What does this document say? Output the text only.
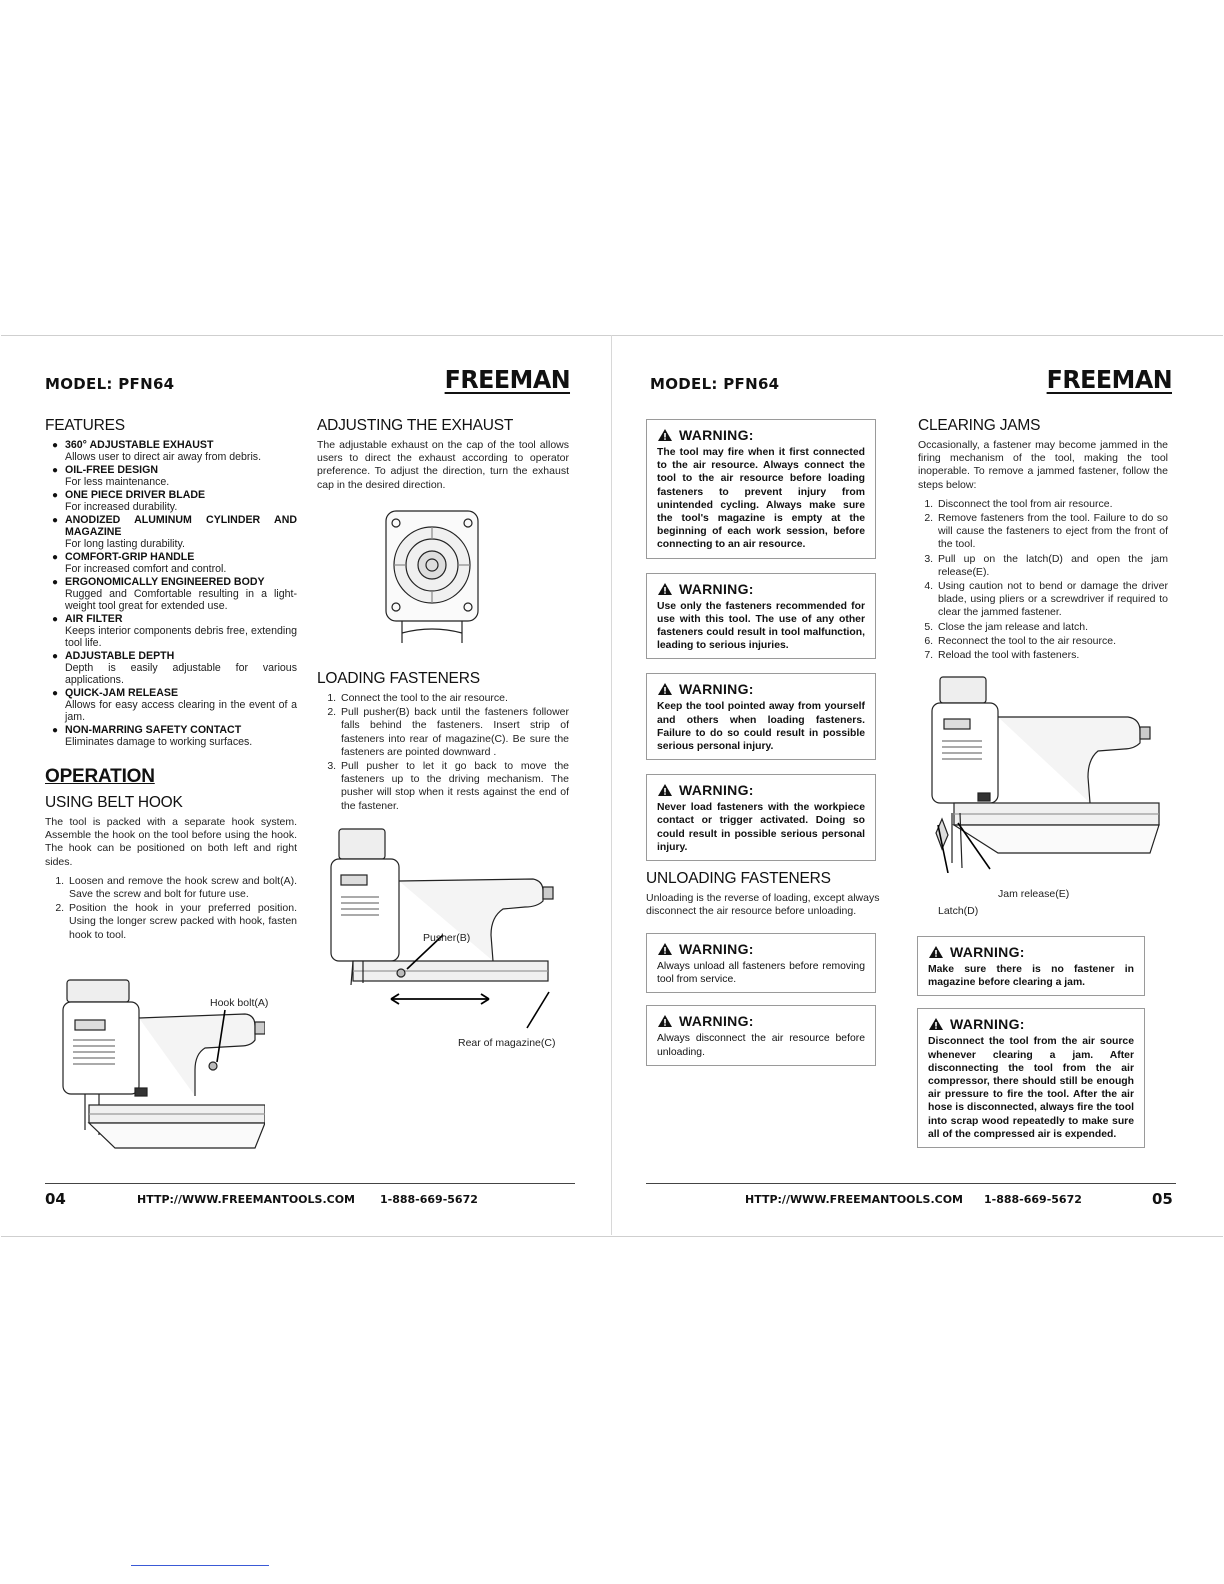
MODEL: PFN64	FREEMAN
FEATURES
● 360° ADJUSTABLE EXHAUST
Allows user to direct air away from debris.
● OIL-FREE DESIGN
For less maintenance.
● ONE PIECE DRIVER BLADE
For increased durability.
● ANODIZED ALUMINUM CYLINDER AND MAGAZINE
For long lasting durability.
● COMFORT-GRIP HANDLE
For increased comfort and control.
● ERGONOMICALLY ENGINEERED BODY
Rugged and Comfortable resulting in a light-weight tool great for extended use.
● AIR FILTER
Keeps interior components debris free, extending tool life.
● ADJUSTABLE DEPTH
Depth is easily adjustable for various applications.
● QUICK-JAM RELEASE
Allows for easy access clearing in the event of a jam.
● NON-MARRING SAFETY CONTACT
Eliminates damage to working surfaces.
OPERATION
USING BELT HOOK

The tool is packed with a separate hook system. Assemble the hook on the tool before using the hook. The hook can be positioned on both left and right sides.

1. Loosen and remove the hook screw and bolt(A). Save the screw and bolt for future use.
2. Position the hook in your preferred position. Using the longer screw packed with hook, fasten hook to tool.
Hook bolt(A)
ADJUSTING THE EXHAUST

The adjustable exhaust on the cap of the tool allows users to direct the exhaust according to operator preference. To adjust the direction, turn the exhaust cap in the desired direction.

LOADING FASTENERS
1. Connect the tool to the air resource.
2. Pull pusher(B) back until the fasteners follower falls behind the fasteners. Insert strip of fasteners into rear of magazine(C). Be sure the fasteners are pointed downward .
3. Pull pusher to let it go back to move the fasteners up to the driving mechanism. The pusher will stop when it rests against the end of the fastener.
Pusher(B)
Rear of magazine(C)
04	HTTP://WWW.FREEMANTOOLS.COM 1-888-669-5672
MODEL: PFN64	FREEMAN
WARNING:
The tool may fire when it first connected to the air resource. Always connect the tool to the air resource before loading fasteners to prevent injury from unintended cycling. Always make sure the tool's magazine is empty at the beginning of each work session, before connecting to an air resource.
WARNING:
Use only the fasteners recommended for use with this tool. The use of any other fasteners could result in tool malfunction, leading to serious injuries.
WARNING:
Keep the tool pointed away from yourself and others when loading fasteners. Failure to do so could result in possible serious personal injury.
WARNING:
Never load fasteners with the workpiece contact or trigger activated. Doing so could result in possible serious personal injury.
UNLOADING FASTENERS

Unloading is the reverse of loading, except always disconnect the air resource before unloading.

WARNING:
Always unload all fasteners before removing tool from service.
WARNING:
Always disconnect the air resource before unloading.
CLEARING JAMS

Occasionally, a fastener may become jammed in the firing mechanism of the tool, making the tool inoperable. To remove a jammed fastener, follow the steps below:

1. Disconnect the tool from air resource.
2. Remove fasteners from the tool. Failure to do so will cause the fasteners to eject from the front of the tool.
3. Pull up on the latch(D) and open the jam release(E).
4. Using caution not to bend or damage the driver blade, using pliers or a screwdriver if required to clear the jammed fastener.
5. Close the jam release and latch.
6. Reconnect the tool to the air resource.
7. Reload the tool with fasteners.
Jam release(E)
Latch(D)
WARNING:
Make sure there is no fastener in magazine before clearing a jam.
WARNING:
Disconnect the tool from the air source whenever clearing a jam. After disconnecting the tool from the air compressor, there should still be enough air pressure to fire the tool. After the air hose is disconnected, always fire the tool into scrap wood repeatedly to make sure all of the compressed air is expended.
HTTP://WWW.FREEMANTOOLS.COM 1-888-669-5672	05
